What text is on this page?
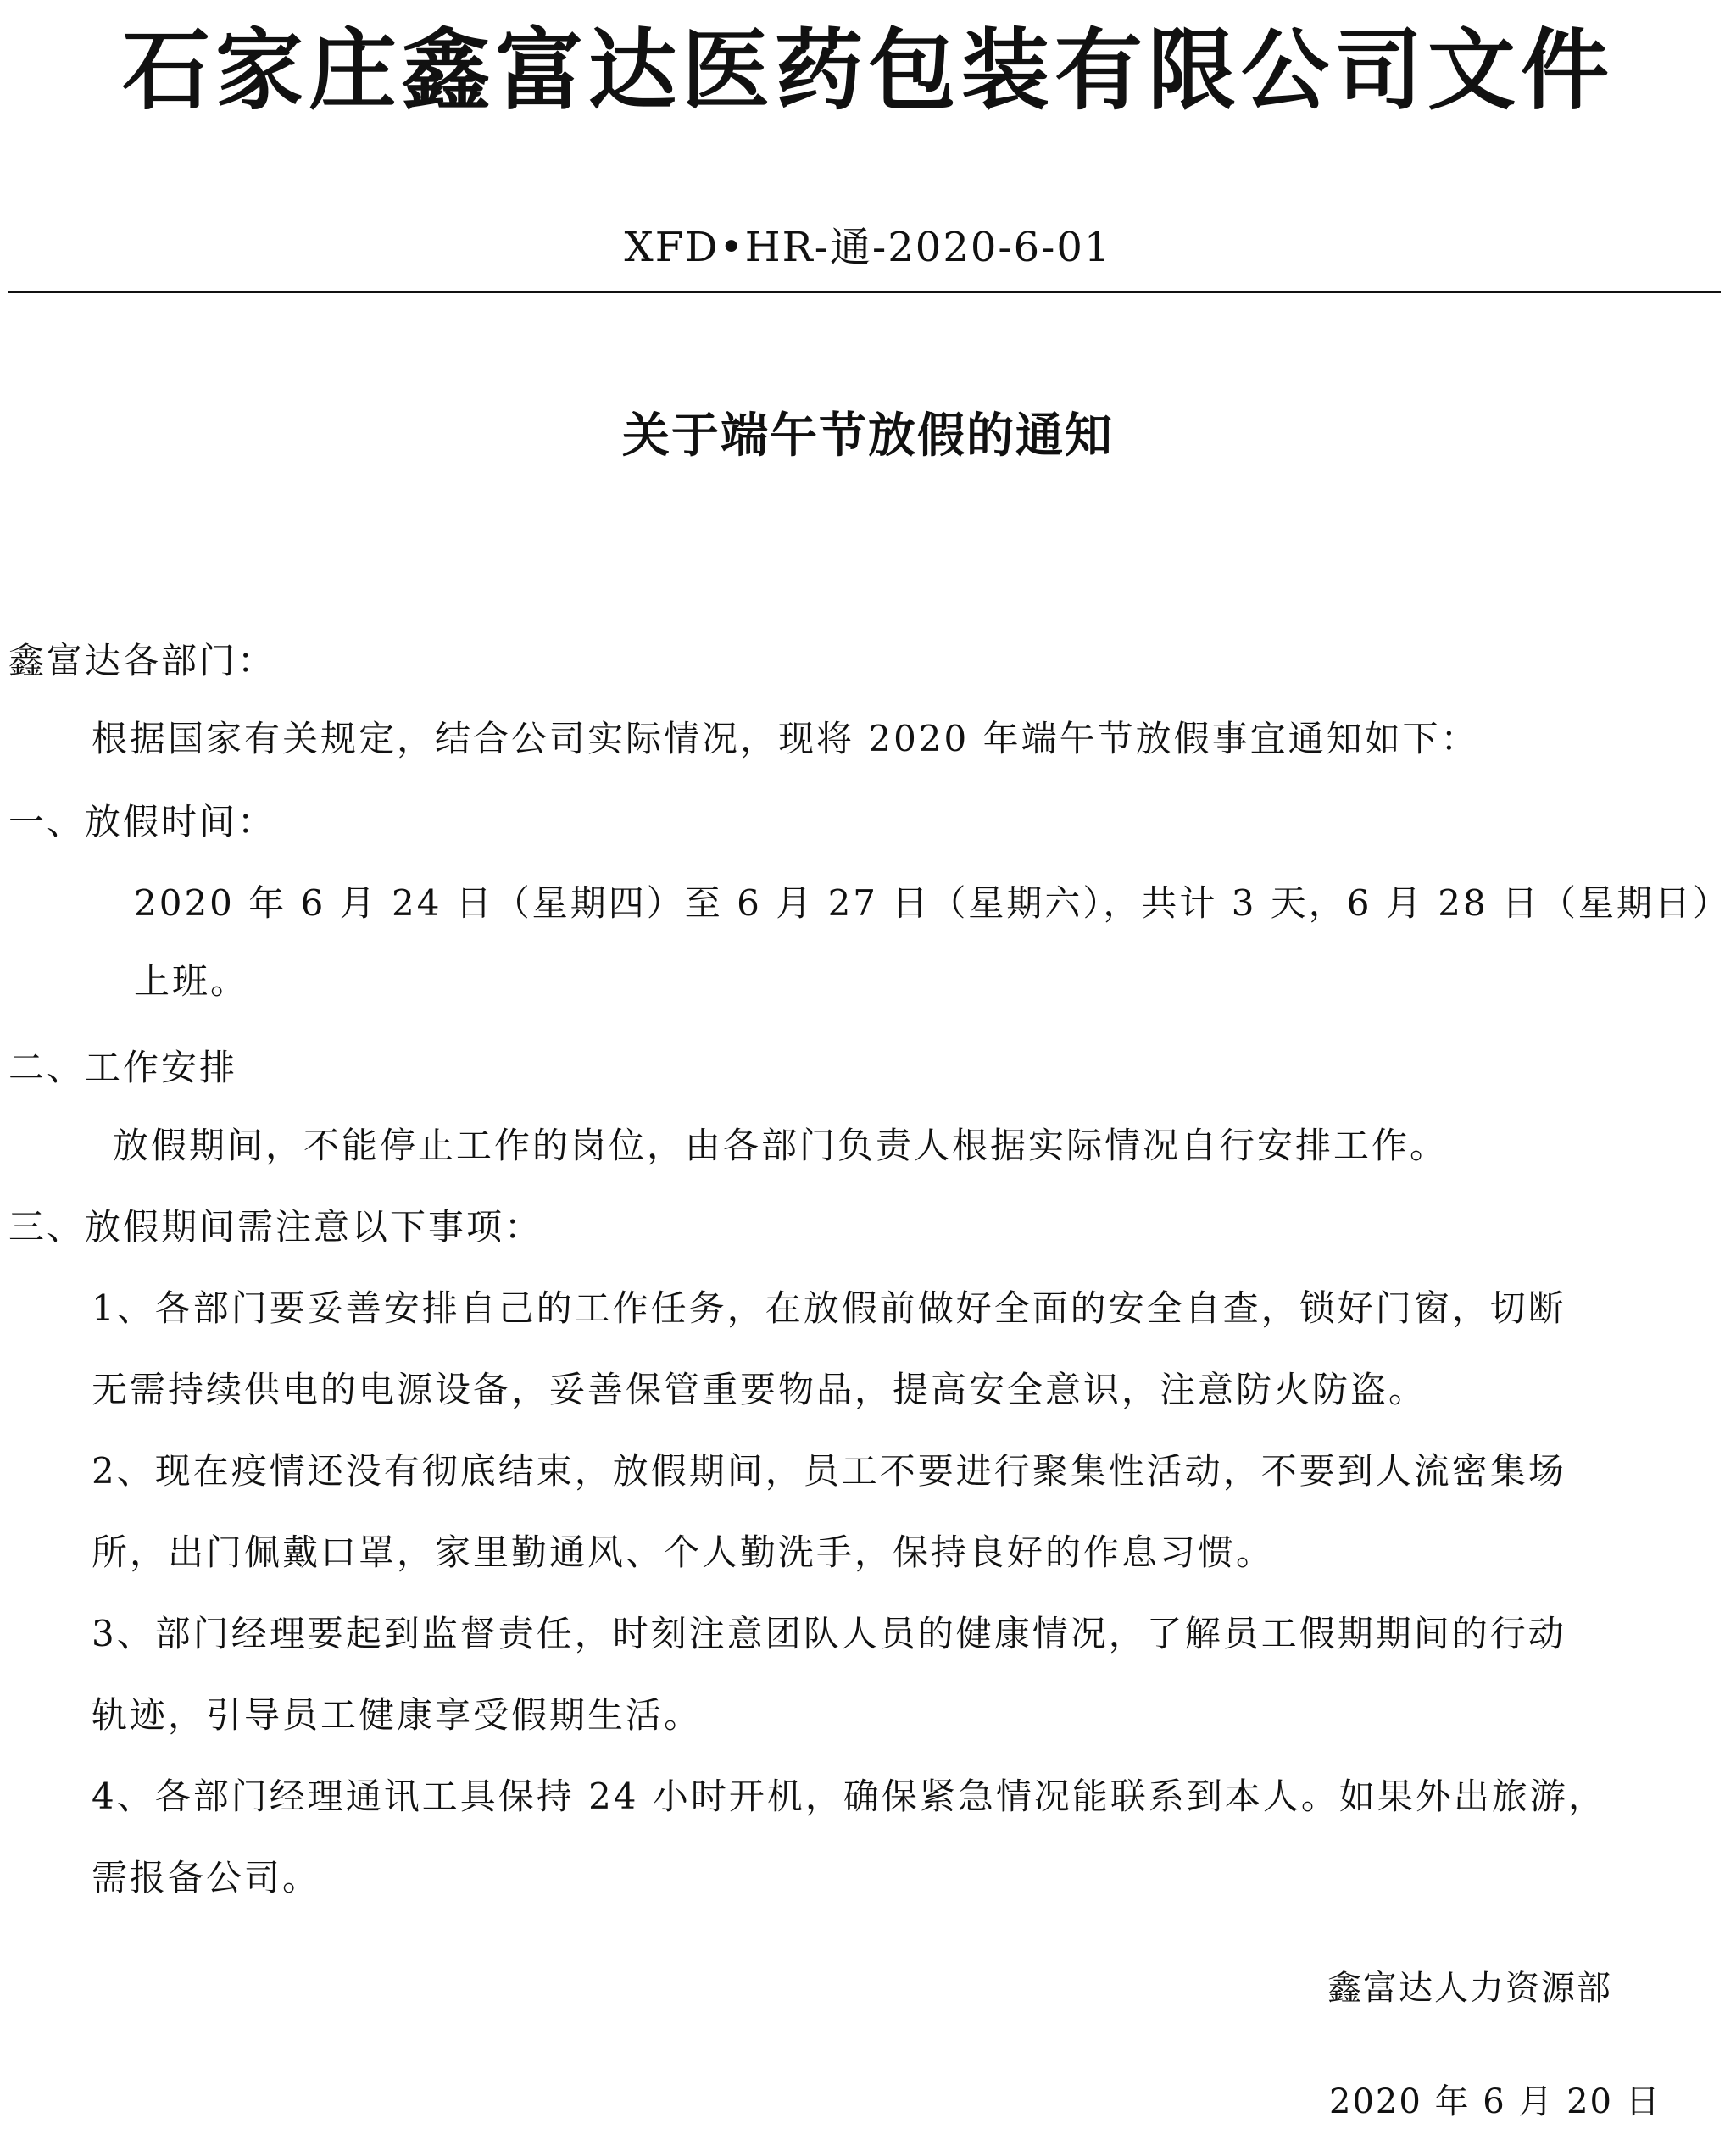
石家庄鑫富达医药包装有限公司文件
XFD•HR-通-2020-6-01
关于端午节放假的通知
鑫富达各部门：
根据国家有关规定，结合公司实际情况，现将 2020 年端午节放假事宜通知如下：
一、放假时间：
2020 年 6 月 24 日（星期四）至 6 月 27 日（星期六），共计 3 天，6 月 28 日（星期日）
上班。
二、工作安排
放假期间，不能停止工作的岗位，由各部门负责人根据实际情况自行安排工作。
三、放假期间需注意以下事项：
1、各部门要妥善安排自己的工作任务，在放假前做好全面的安全自查，锁好门窗，切断
无需持续供电的电源设备，妥善保管重要物品，提高安全意识，注意防火防盗。
2、现在疫情还没有彻底结束，放假期间，员工不要进行聚集性活动，不要到人流密集场
所，出门佩戴口罩，家里勤通风、个人勤洗手，保持良好的作息习惯。
3、部门经理要起到监督责任，时刻注意团队人员的健康情况，了解员工假期期间的行动
轨迹，引导员工健康享受假期生活。
4、各部门经理通讯工具保持 24 小时开机，确保紧急情况能联系到本人。如果外出旅游，
需报备公司。
鑫富达人力资源部
2020 年 6 月 20 日
